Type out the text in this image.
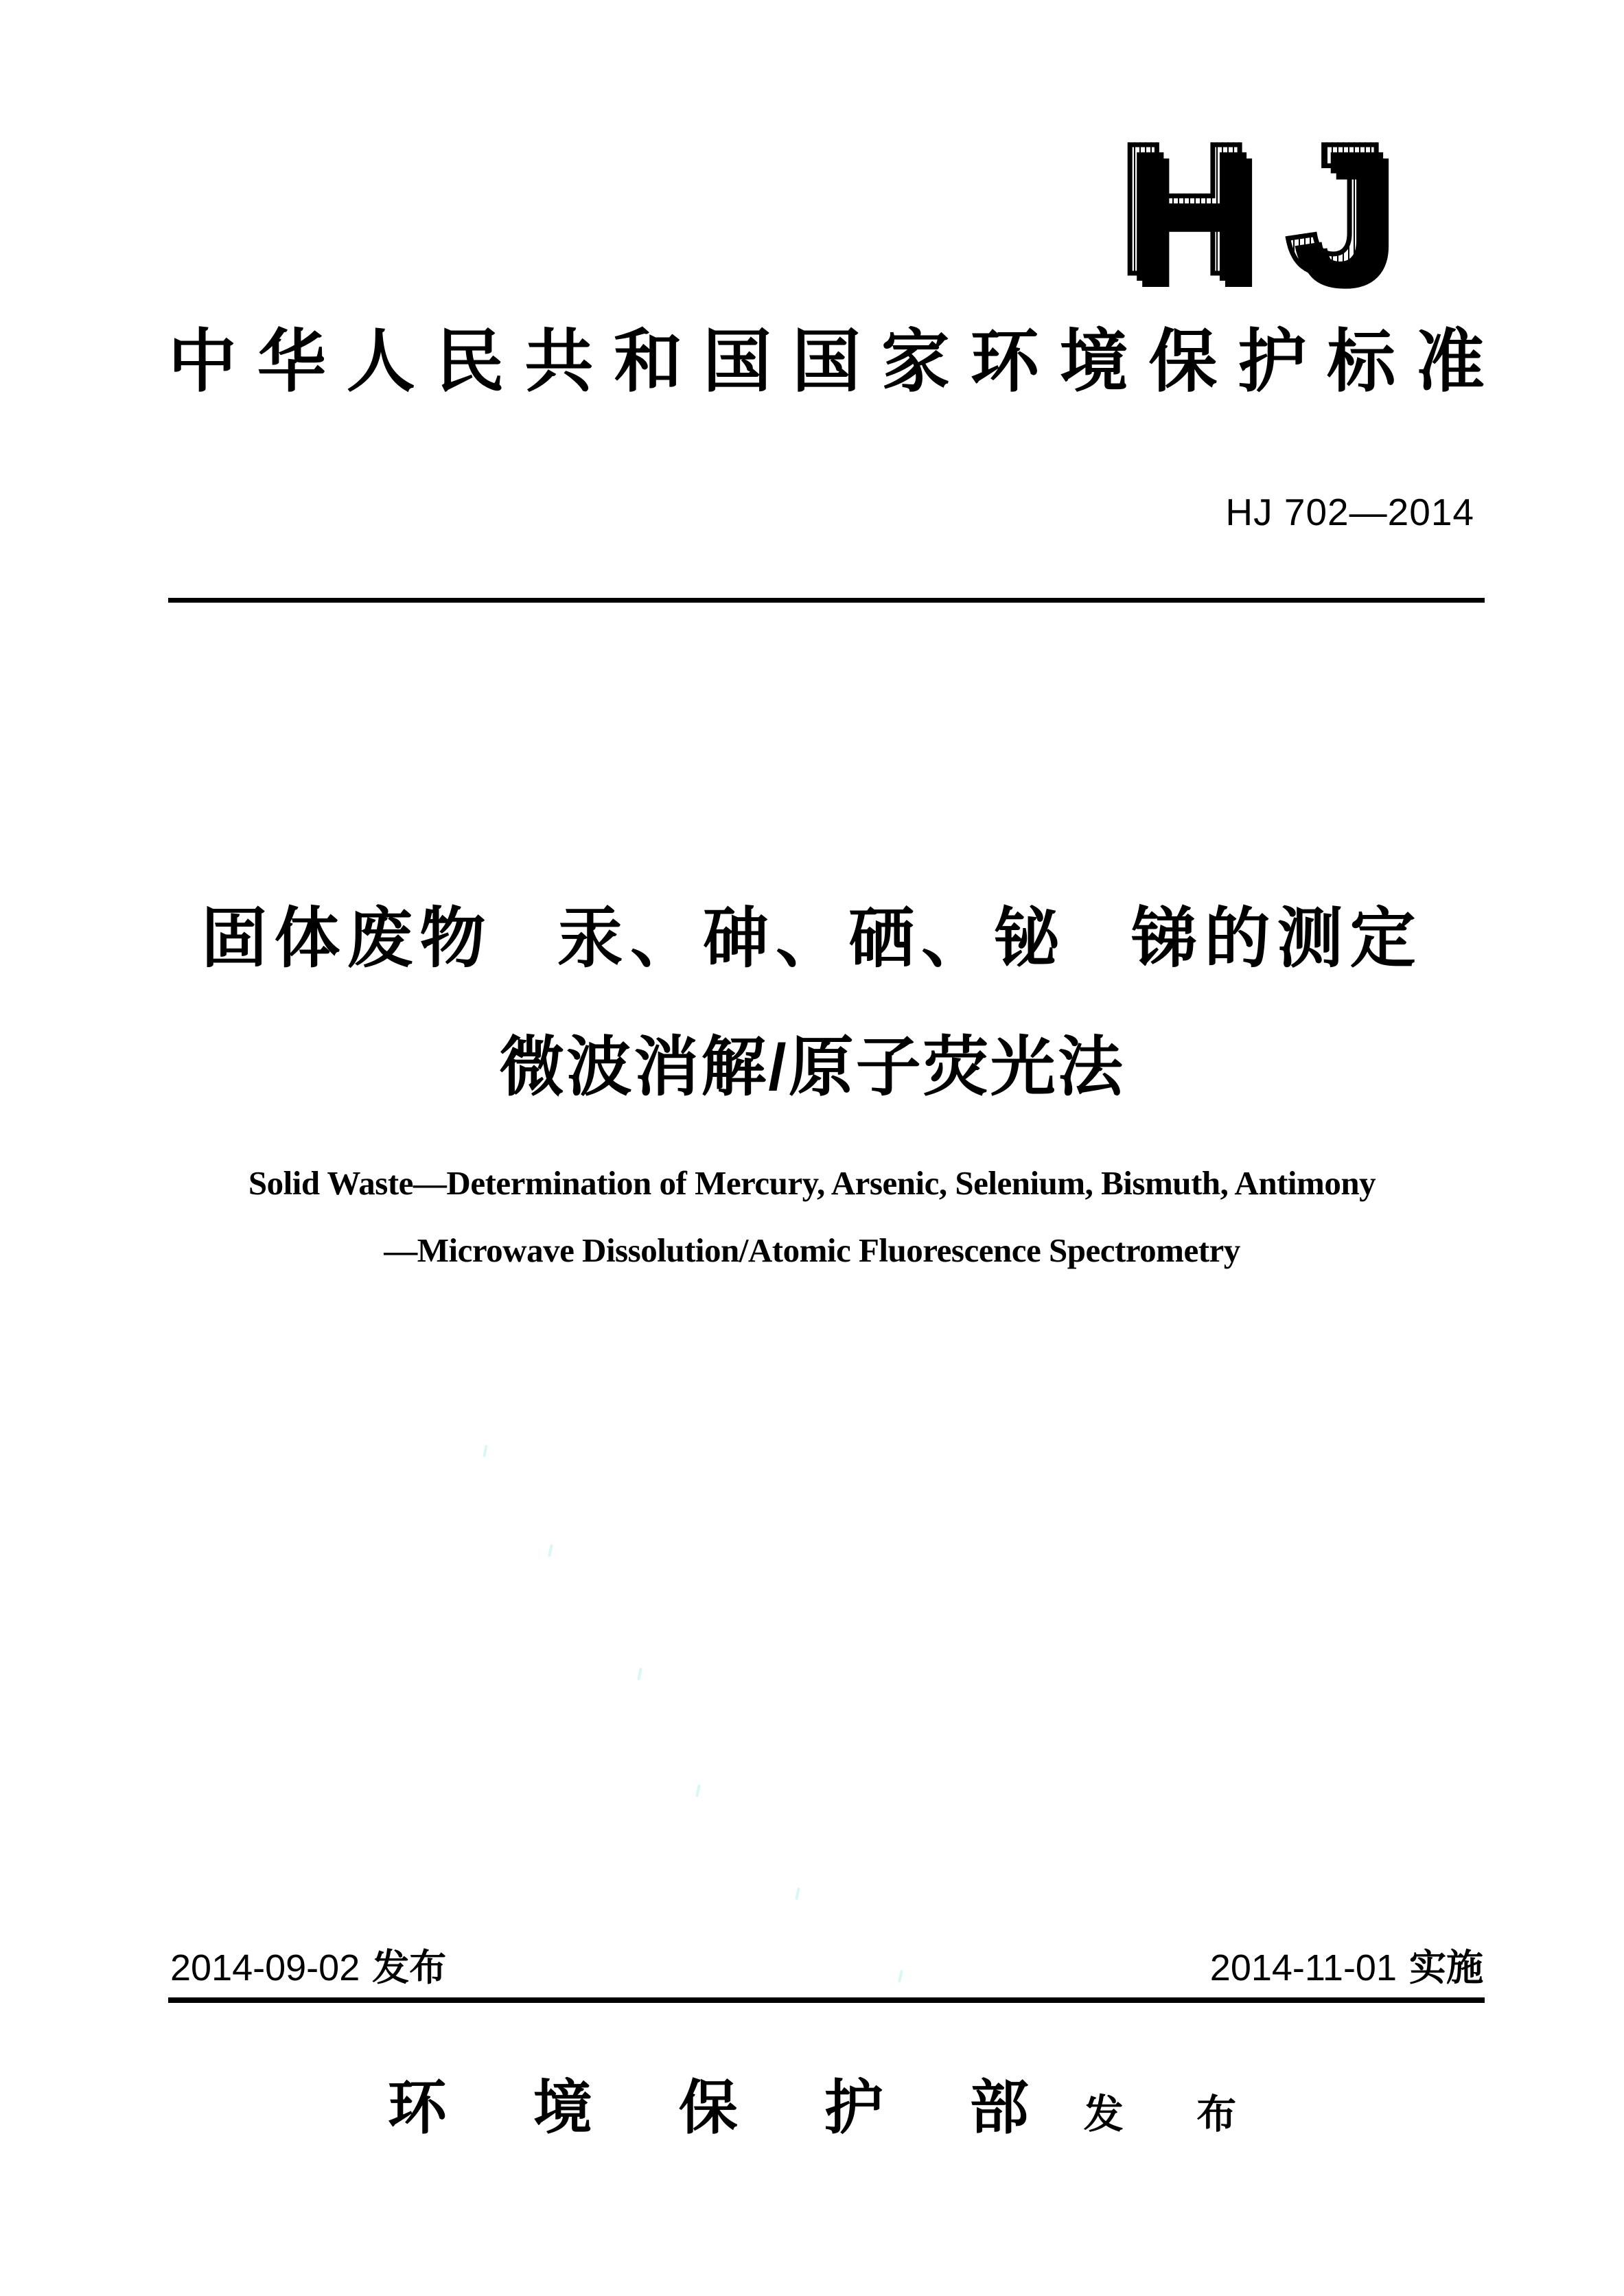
HJ
中华人民共和国国家环境保护标准
HJ 702—2014
固体废物 汞、砷、硒、铋 锑的测定
微波消解/原子荧光法
Solid Waste—Determination of Mercury, Arsenic, Selenium, Bismuth, Antimony
—Microwave Dissolution/Atomic Fluorescence Spectrometry
2014-09-02 发布	2014-11-01 实施
环境保护部发 布
